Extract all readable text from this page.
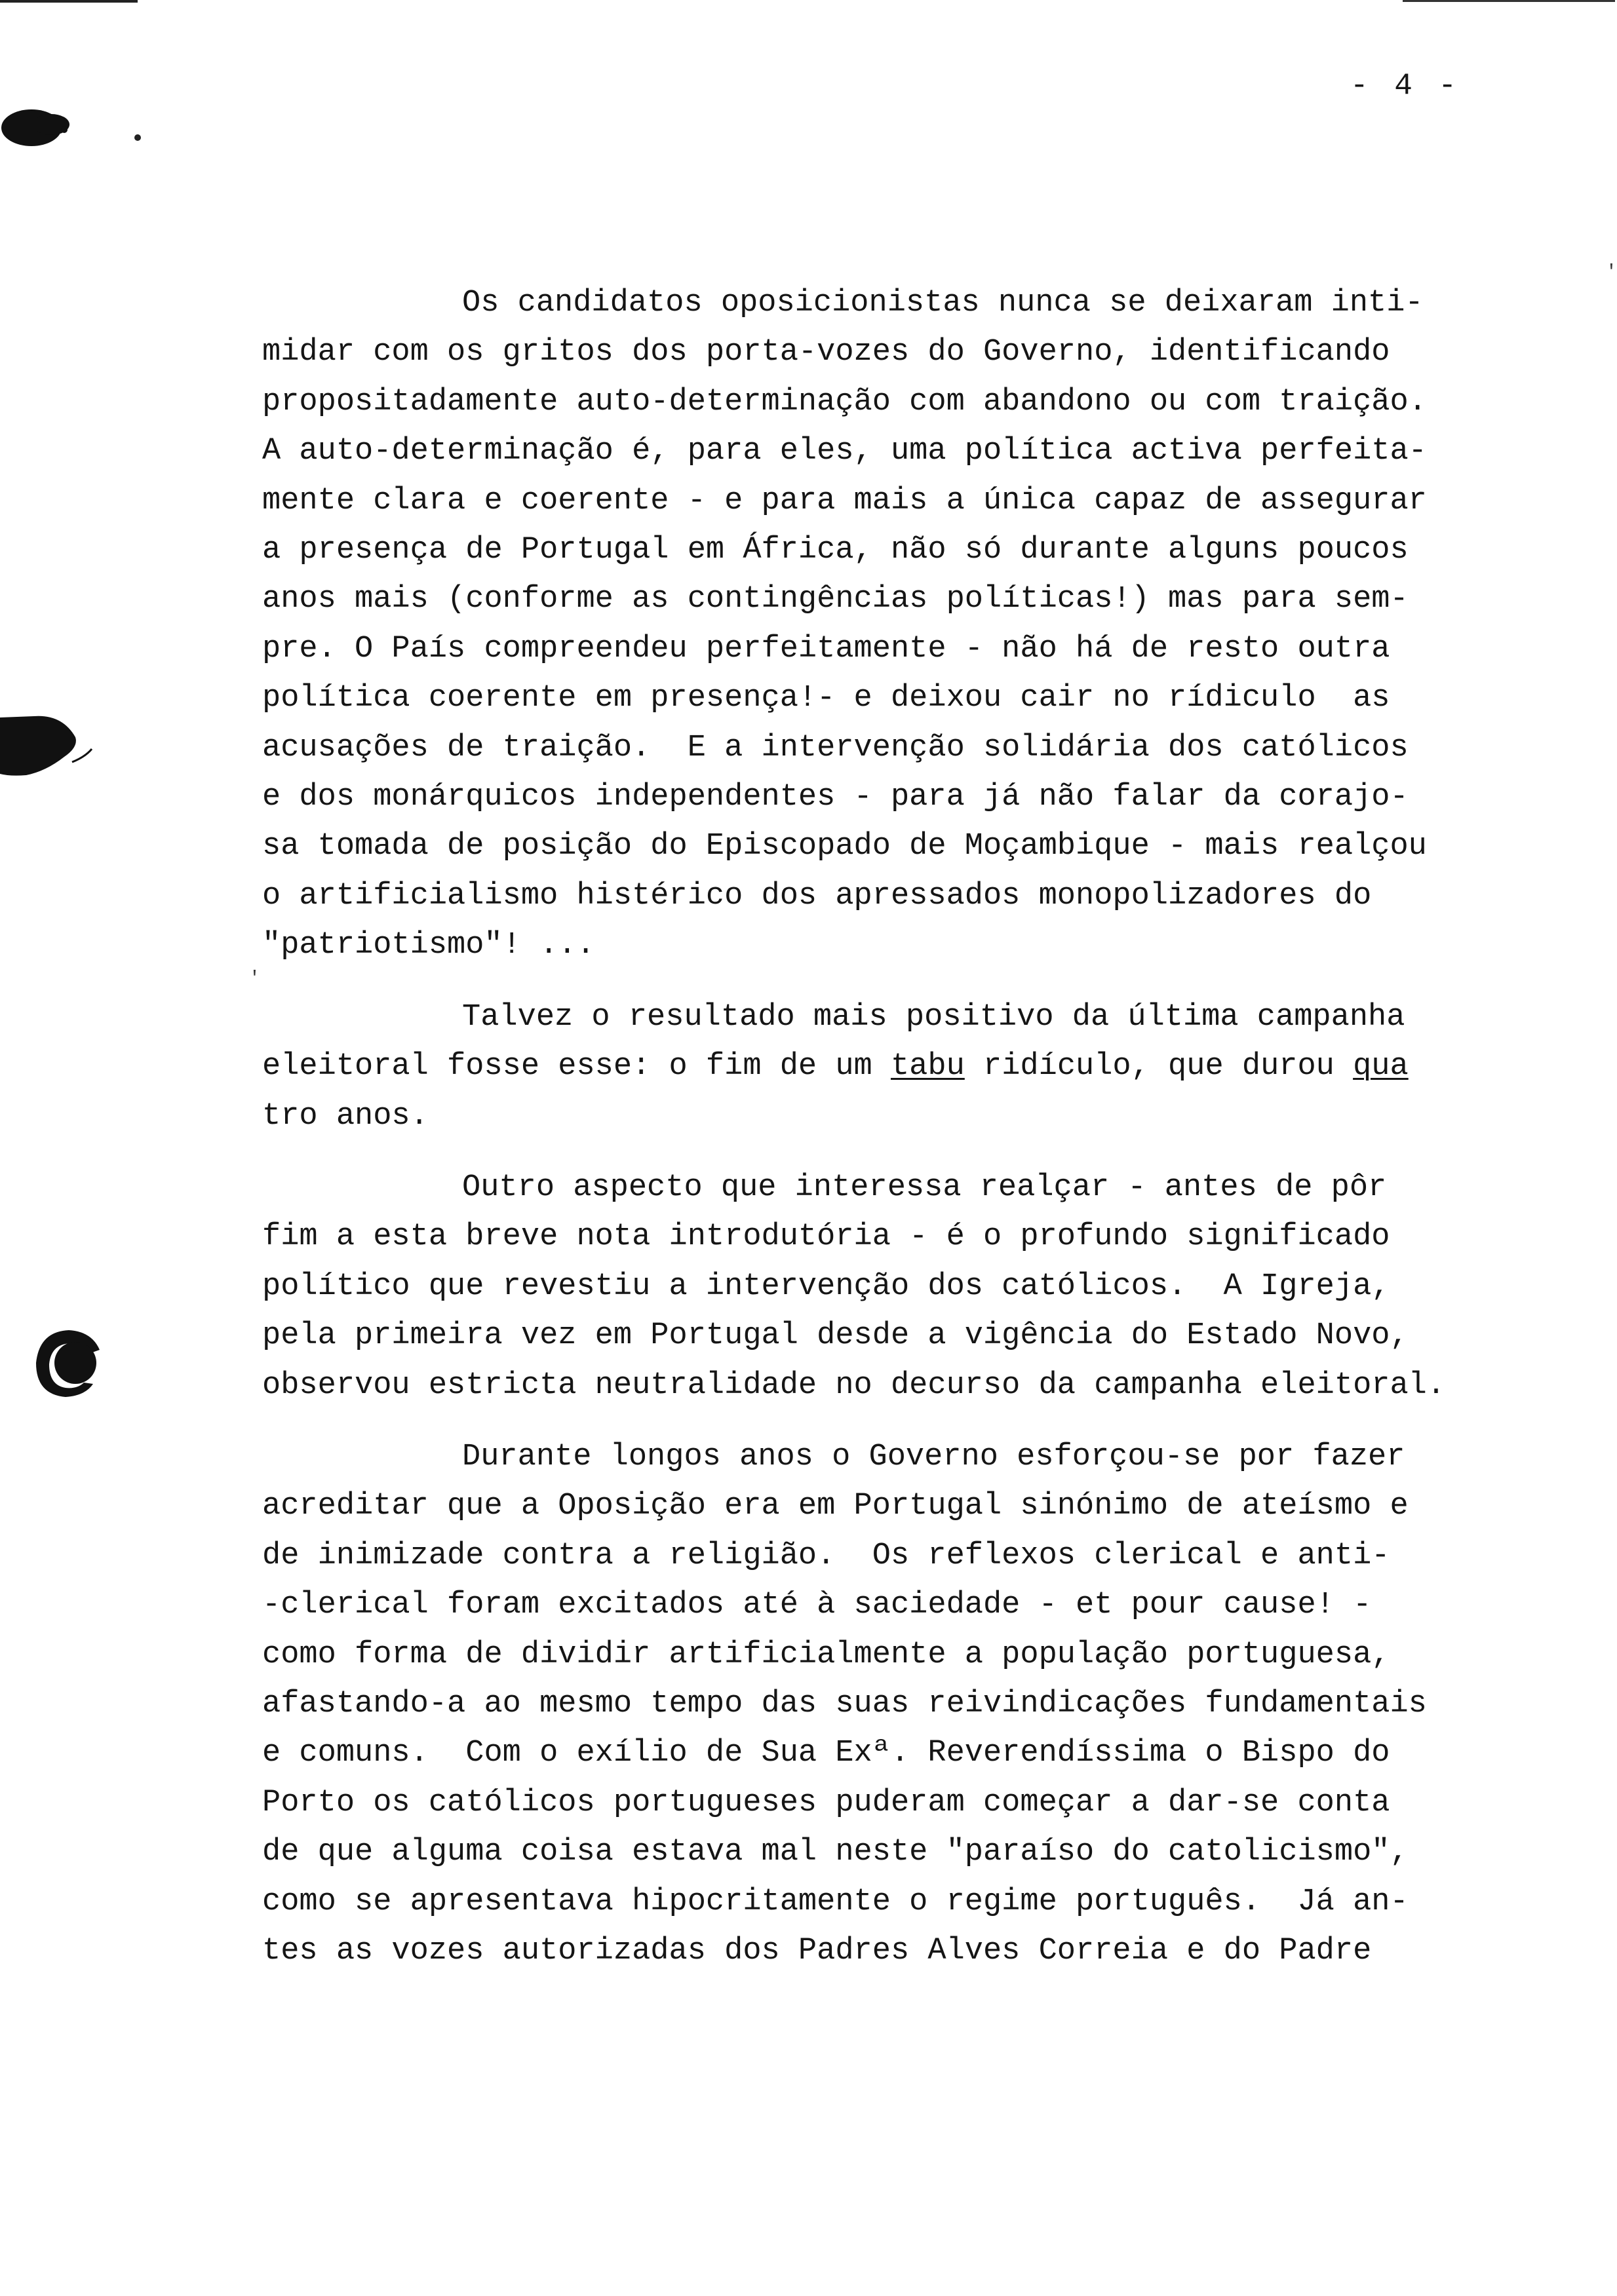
'
'
- 4 -
Os candidatos oposicionistas nunca se deixaram inti-
midar com os gritos dos porta-vozes do Governo, identificando
propositadamente auto-determinação com abandono ou com traição.
A auto-determinação é, para eles, uma política activa perfeita-
mente clara e coerente - e para mais a única capaz de assegurar
a presença de Portugal em África, não só durante alguns poucos
anos mais (conforme as contingências políticas!) mas para sem-
pre. O País compreendeu perfeitamente - não há de resto outra
política coerente em presença!- e deixou cair no rídiculo  as
acusações de traição.  E a intervenção solidária dos católicos
e dos monárquicos independentes - para já não falar da corajo-
sa tomada de posição do Episcopado de Moçambique - mais realçou
o artificialismo histérico dos apressados monopolizadores do
"patriotismo"! ...
Talvez o resultado mais positivo da última campanha
eleitoral fosse esse: o fim de um tabu ridículo, que durou qua
tro anos.
Outro aspecto que interessa realçar - antes de pôr
fim a esta breve nota introdutória - é o profundo significado
político que revestiu a intervenção dos católicos.  A Igreja,
pela primeira vez em Portugal desde a vigência do Estado Novo,
observou estricta neutralidade no decurso da campanha eleitoral.
Durante longos anos o Governo esforçou-se por fazer
acreditar que a Oposição era em Portugal sinónimo de ateísmo e
de inimizade contra a religião.  Os reflexos clerical e anti-
-clerical foram excitados até à saciedade - et pour cause! -
como forma de dividir artificialmente a população portuguesa,
afastando-a ao mesmo tempo das suas reivindicações fundamentais
e comuns.  Com o exílio de Sua Exª. Reverendíssima o Bispo do
Porto os católicos portugueses puderam começar a dar-se conta
de que alguma coisa estava mal neste "paraíso do catolicismo",
como se apresentava hipocritamente o regime português.  Já an-
tes as vozes autorizadas dos Padres Alves Correia e do Padre
